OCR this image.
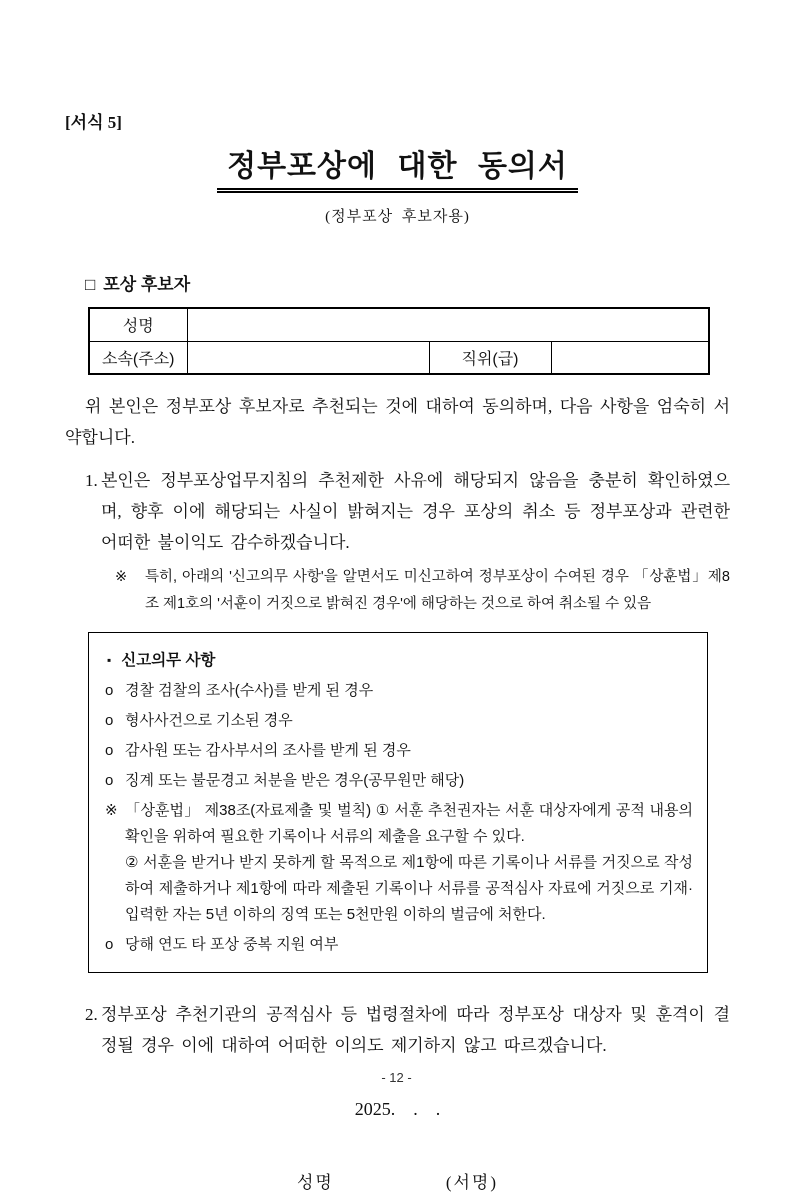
[서식 5]
정부포상에 대한 동의서
(정부포상 후보자용)
□ 포상 후보자
성명			
소속(주소)		직위(급)	

위 본인은 정부포상 후보자로 추천되는 것에 대하여 동의하며, 다음 사항을 엄숙히 서약합니다.

1. 본인은 정부포상업무지침의 추천제한 사유에 해당되지 않음을 충분히 확인하였으며, 향후 이에 해당되는 사실이 밝혀지는 경우 포상의 취소 등 정부포상과 관련한 어떠한 불이익도 감수하겠습니다.
※	특히, 아래의 '신고의무 사항'을 알면서도 미신고하여 정부포상이 수여된 경우 「상훈법」제8조 제1호의 '서훈이 거짓으로 밝혀진 경우'에 해당하는 것으로 하여 취소될 수 있음
▪ 신고의무 사항
o 경찰 검찰의 조사(수사)를 받게 된 경우
o 형사사건으로 기소된 경우
o 감사원 또는 감사부서의 조사를 받게 된 경우
o 징계 또는 불문경고 처분을 받은 경우(공무원만 해당)
※ 「상훈법」 제38조(자료제출 및 벌칙) ① 서훈 추천권자는 서훈 대상자에게 공적 내용의 확인을 위하여 필요한 기록이나 서류의 제출을 요구할 수 있다.

② 서훈을 받거나 받지 못하게 할 목적으로 제1항에 따른 기록이나 서류를 거짓으로 작성하여 제출하거나 제1항에 따라 제출된 기록이나 서류를 공적심사 자료에 거짓으로 기재·입력한 자는 5년 이하의 징역 또는 5천만원 이하의 벌금에 처한다.

o 당해 연도 타 포상 중복 지원 여부
2. 정부포상 추천기관의 공적심사 등 법령절차에 따라 정부포상 대상자 및 훈격이 결정될 경우 이에 대하여 어떠한 이의도 제기하지 않고 따르겠습니다.
2025.    .    .
성명	(서명)
- 12 -
